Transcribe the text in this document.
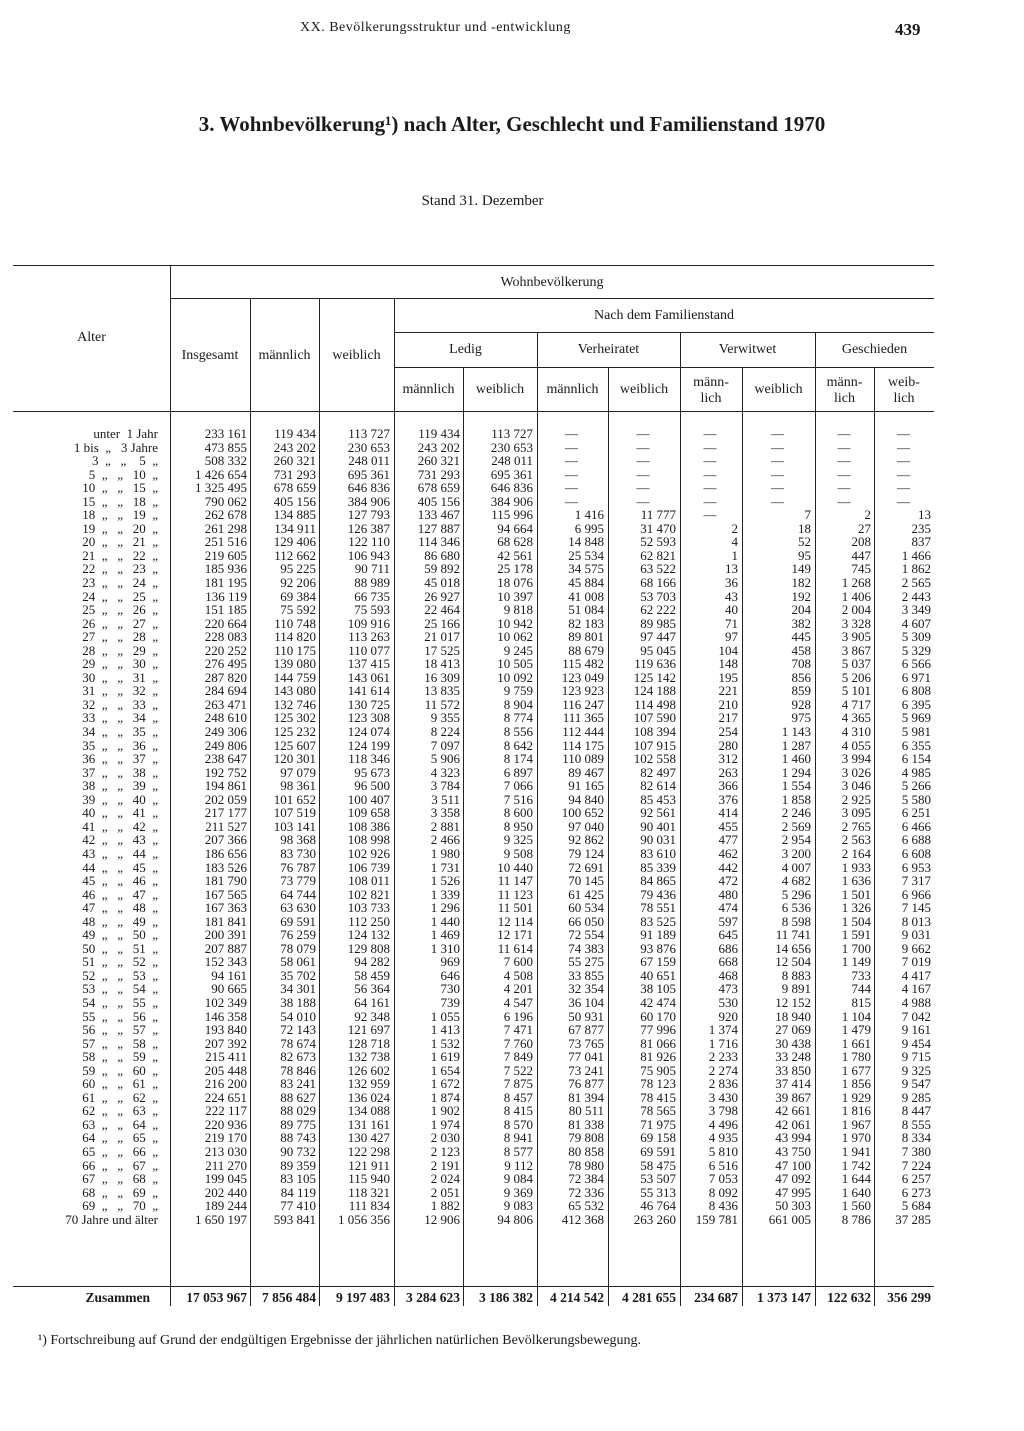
XX. Bevölkerungsstruktur und -entwicklung	439
3. Wohnbevölkerung¹) nach Alter, Geschlecht und Familienstand 1970
Stand 31. Dezember
Alter
Wohnbevölkerung
Nach dem Familienstand
Insgesamt	männlich	weiblich	Ledig	Verheiratet	Verwitwet	Geschieden
männlich	weiblich	männlich	weiblich	männ-
lich
weiblich	männ-
lich
weib-
lich
unter  1 Jahr	233 161	119 434	113 727	119 434	113 727	—	—	—	—	—	—
1 bis  „   3 Jahre	473 855	243 202	230 653	243 202	230 653	—	—	—	—	—	—
3  „   „    5  „	508 332	260 321	248 011	260 321	248 011	—	—	—	—	—	—
5  „   „   10  „	1 426 654	731 293	695 361	731 293	695 361	—	—	—	—	—	—
10  „   „   15  „	1 325 495	678 659	646 836	678 659	646 836	—	—	—	—	—	—
15  „   „   18  „	790 062	405 156	384 906	405 156	384 906	—	—	—	—	—	—
18  „   „   19  „	262 678	134 885	127 793	133 467	115 996	1 416	11 777	—	7	2	13
19  „   „   20  „	261 298	134 911	126 387	127 887	94 664	6 995	31 470	2	18	27	235
20  „   „   21  „	251 516	129 406	122 110	114 346	68 628	14 848	52 593	4	52	208	837
21  „   „   22  „	219 605	112 662	106 943	86 680	42 561	25 534	62 821	1	95	447	1 466
22  „   „   23  „	185 936	95 225	90 711	59 892	25 178	34 575	63 522	13	149	745	1 862
23  „   „   24  „	181 195	92 206	88 989	45 018	18 076	45 884	68 166	36	182	1 268	2 565
24  „   „   25  „	136 119	69 384	66 735	26 927	10 397	41 008	53 703	43	192	1 406	2 443
25  „   „   26  „	151 185	75 592	75 593	22 464	9 818	51 084	62 222	40	204	2 004	3 349
26  „   „   27  „	220 664	110 748	109 916	25 166	10 942	82 183	89 985	71	382	3 328	4 607
27  „   „   28  „	228 083	114 820	113 263	21 017	10 062	89 801	97 447	97	445	3 905	5 309
28  „   „   29  „	220 252	110 175	110 077	17 525	9 245	88 679	95 045	104	458	3 867	5 329
29  „   „   30  „	276 495	139 080	137 415	18 413	10 505	115 482	119 636	148	708	5 037	6 566
30  „   „   31  „	287 820	144 759	143 061	16 309	10 092	123 049	125 142	195	856	5 206	6 971
31  „   „   32  „	284 694	143 080	141 614	13 835	9 759	123 923	124 188	221	859	5 101	6 808
32  „   „   33  „	263 471	132 746	130 725	11 572	8 904	116 247	114 498	210	928	4 717	6 395
33  „   „   34  „	248 610	125 302	123 308	9 355	8 774	111 365	107 590	217	975	4 365	5 969
34  „   „   35  „	249 306	125 232	124 074	8 224	8 556	112 444	108 394	254	1 143	4 310	5 981
35  „   „   36  „	249 806	125 607	124 199	7 097	8 642	114 175	107 915	280	1 287	4 055	6 355
36  „   „   37  „	238 647	120 301	118 346	5 906	8 174	110 089	102 558	312	1 460	3 994	6 154
37  „   „   38  „	192 752	97 079	95 673	4 323	6 897	89 467	82 497	263	1 294	3 026	4 985
38  „   „   39  „	194 861	98 361	96 500	3 784	7 066	91 165	82 614	366	1 554	3 046	5 266
39  „   „   40  „	202 059	101 652	100 407	3 511	7 516	94 840	85 453	376	1 858	2 925	5 580
40  „   „   41  „	217 177	107 519	109 658	3 358	8 600	100 652	92 561	414	2 246	3 095	6 251
41  „   „   42  „	211 527	103 141	108 386	2 881	8 950	97 040	90 401	455	2 569	2 765	6 466
42  „   „   43  „	207 366	98 368	108 998	2 466	9 325	92 862	90 031	477	2 954	2 563	6 688
43  „   „   44  „	186 656	83 730	102 926	1 980	9 508	79 124	83 610	462	3 200	2 164	6 608
44  „   „   45  „	183 526	76 787	106 739	1 731	10 440	72 691	85 339	442	4 007	1 933	6 953
45  „   „   46  „	181 790	73 779	108 011	1 526	11 147	70 145	84 865	472	4 682	1 636	7 317
46  „   „   47  „	167 565	64 744	102 821	1 339	11 123	61 425	79 436	480	5 296	1 501	6 966
47  „   „   48  „	167 363	63 630	103 733	1 296	11 501	60 534	78 551	474	6 536	1 326	7 145
48  „   „   49  „	181 841	69 591	112 250	1 440	12 114	66 050	83 525	597	8 598	1 504	8 013
49  „   „   50  „	200 391	76 259	124 132	1 469	12 171	72 554	91 189	645	11 741	1 591	9 031
50  „   „   51  „	207 887	78 079	129 808	1 310	11 614	74 383	93 876	686	14 656	1 700	9 662
51  „   „   52  „	152 343	58 061	94 282	969	7 600	55 275	67 159	668	12 504	1 149	7 019
52  „   „   53  „	94 161	35 702	58 459	646	4 508	33 855	40 651	468	8 883	733	4 417
53  „   „   54  „	90 665	34 301	56 364	730	4 201	32 354	38 105	473	9 891	744	4 167
54  „   „   55  „	102 349	38 188	64 161	739	4 547	36 104	42 474	530	12 152	815	4 988
55  „   „   56  „	146 358	54 010	92 348	1 055	6 196	50 931	60 170	920	18 940	1 104	7 042
56  „   „   57  „	193 840	72 143	121 697	1 413	7 471	67 877	77 996	1 374	27 069	1 479	9 161
57  „   „   58  „	207 392	78 674	128 718	1 532	7 760	73 765	81 066	1 716	30 438	1 661	9 454
58  „   „   59  „	215 411	82 673	132 738	1 619	7 849	77 041	81 926	2 233	33 248	1 780	9 715
59  „   „   60  „	205 448	78 846	126 602	1 654	7 522	73 241	75 905	2 274	33 850	1 677	9 325
60  „   „   61  „	216 200	83 241	132 959	1 672	7 875	76 877	78 123	2 836	37 414	1 856	9 547
61  „   „   62  „	224 651	88 627	136 024	1 874	8 457	81 394	78 415	3 430	39 867	1 929	9 285
62  „   „   63  „	222 117	88 029	134 088	1 902	8 415	80 511	78 565	3 798	42 661	1 816	8 447
63  „   „   64  „	220 936	89 775	131 161	1 974	8 570	81 338	71 975	4 496	42 061	1 967	8 555
64  „   „   65  „	219 170	88 743	130 427	2 030	8 941	79 808	69 158	4 935	43 994	1 970	8 334
65  „   „   66  „	213 030	90 732	122 298	2 123	8 577	80 858	69 591	5 810	43 750	1 941	7 380
66  „   „   67  „	211 270	89 359	121 911	2 191	9 112	78 980	58 475	6 516	47 100	1 742	7 224
67  „   „   68  „	199 045	83 105	115 940	2 024	9 084	72 384	53 507	7 053	47 092	1 644	6 257
68  „   „   69  „	202 440	84 119	118 321	2 051	9 369	72 336	55 313	8 092	47 995	1 640	6 273
69  „   „   70  „	189 244	77 410	111 834	1 882	9 083	65 532	46 764	8 436	50 303	1 560	5 684
70 Jahre und älter	1 650 197	593 841	1 056 356	12 906	94 806	412 368	263 260	159 781	661 005	8 786	37 285
Zusammen	17 053 967	7 856 484	9 197 483	3 284 623	3 186 382	4 214 542	4 281 655	234 687	1 373 147	122 632	356 299
¹) Fortschreibung auf Grund der endgültigen Ergebnisse der jährlichen natürlichen Bevölkerungsbewegung.
